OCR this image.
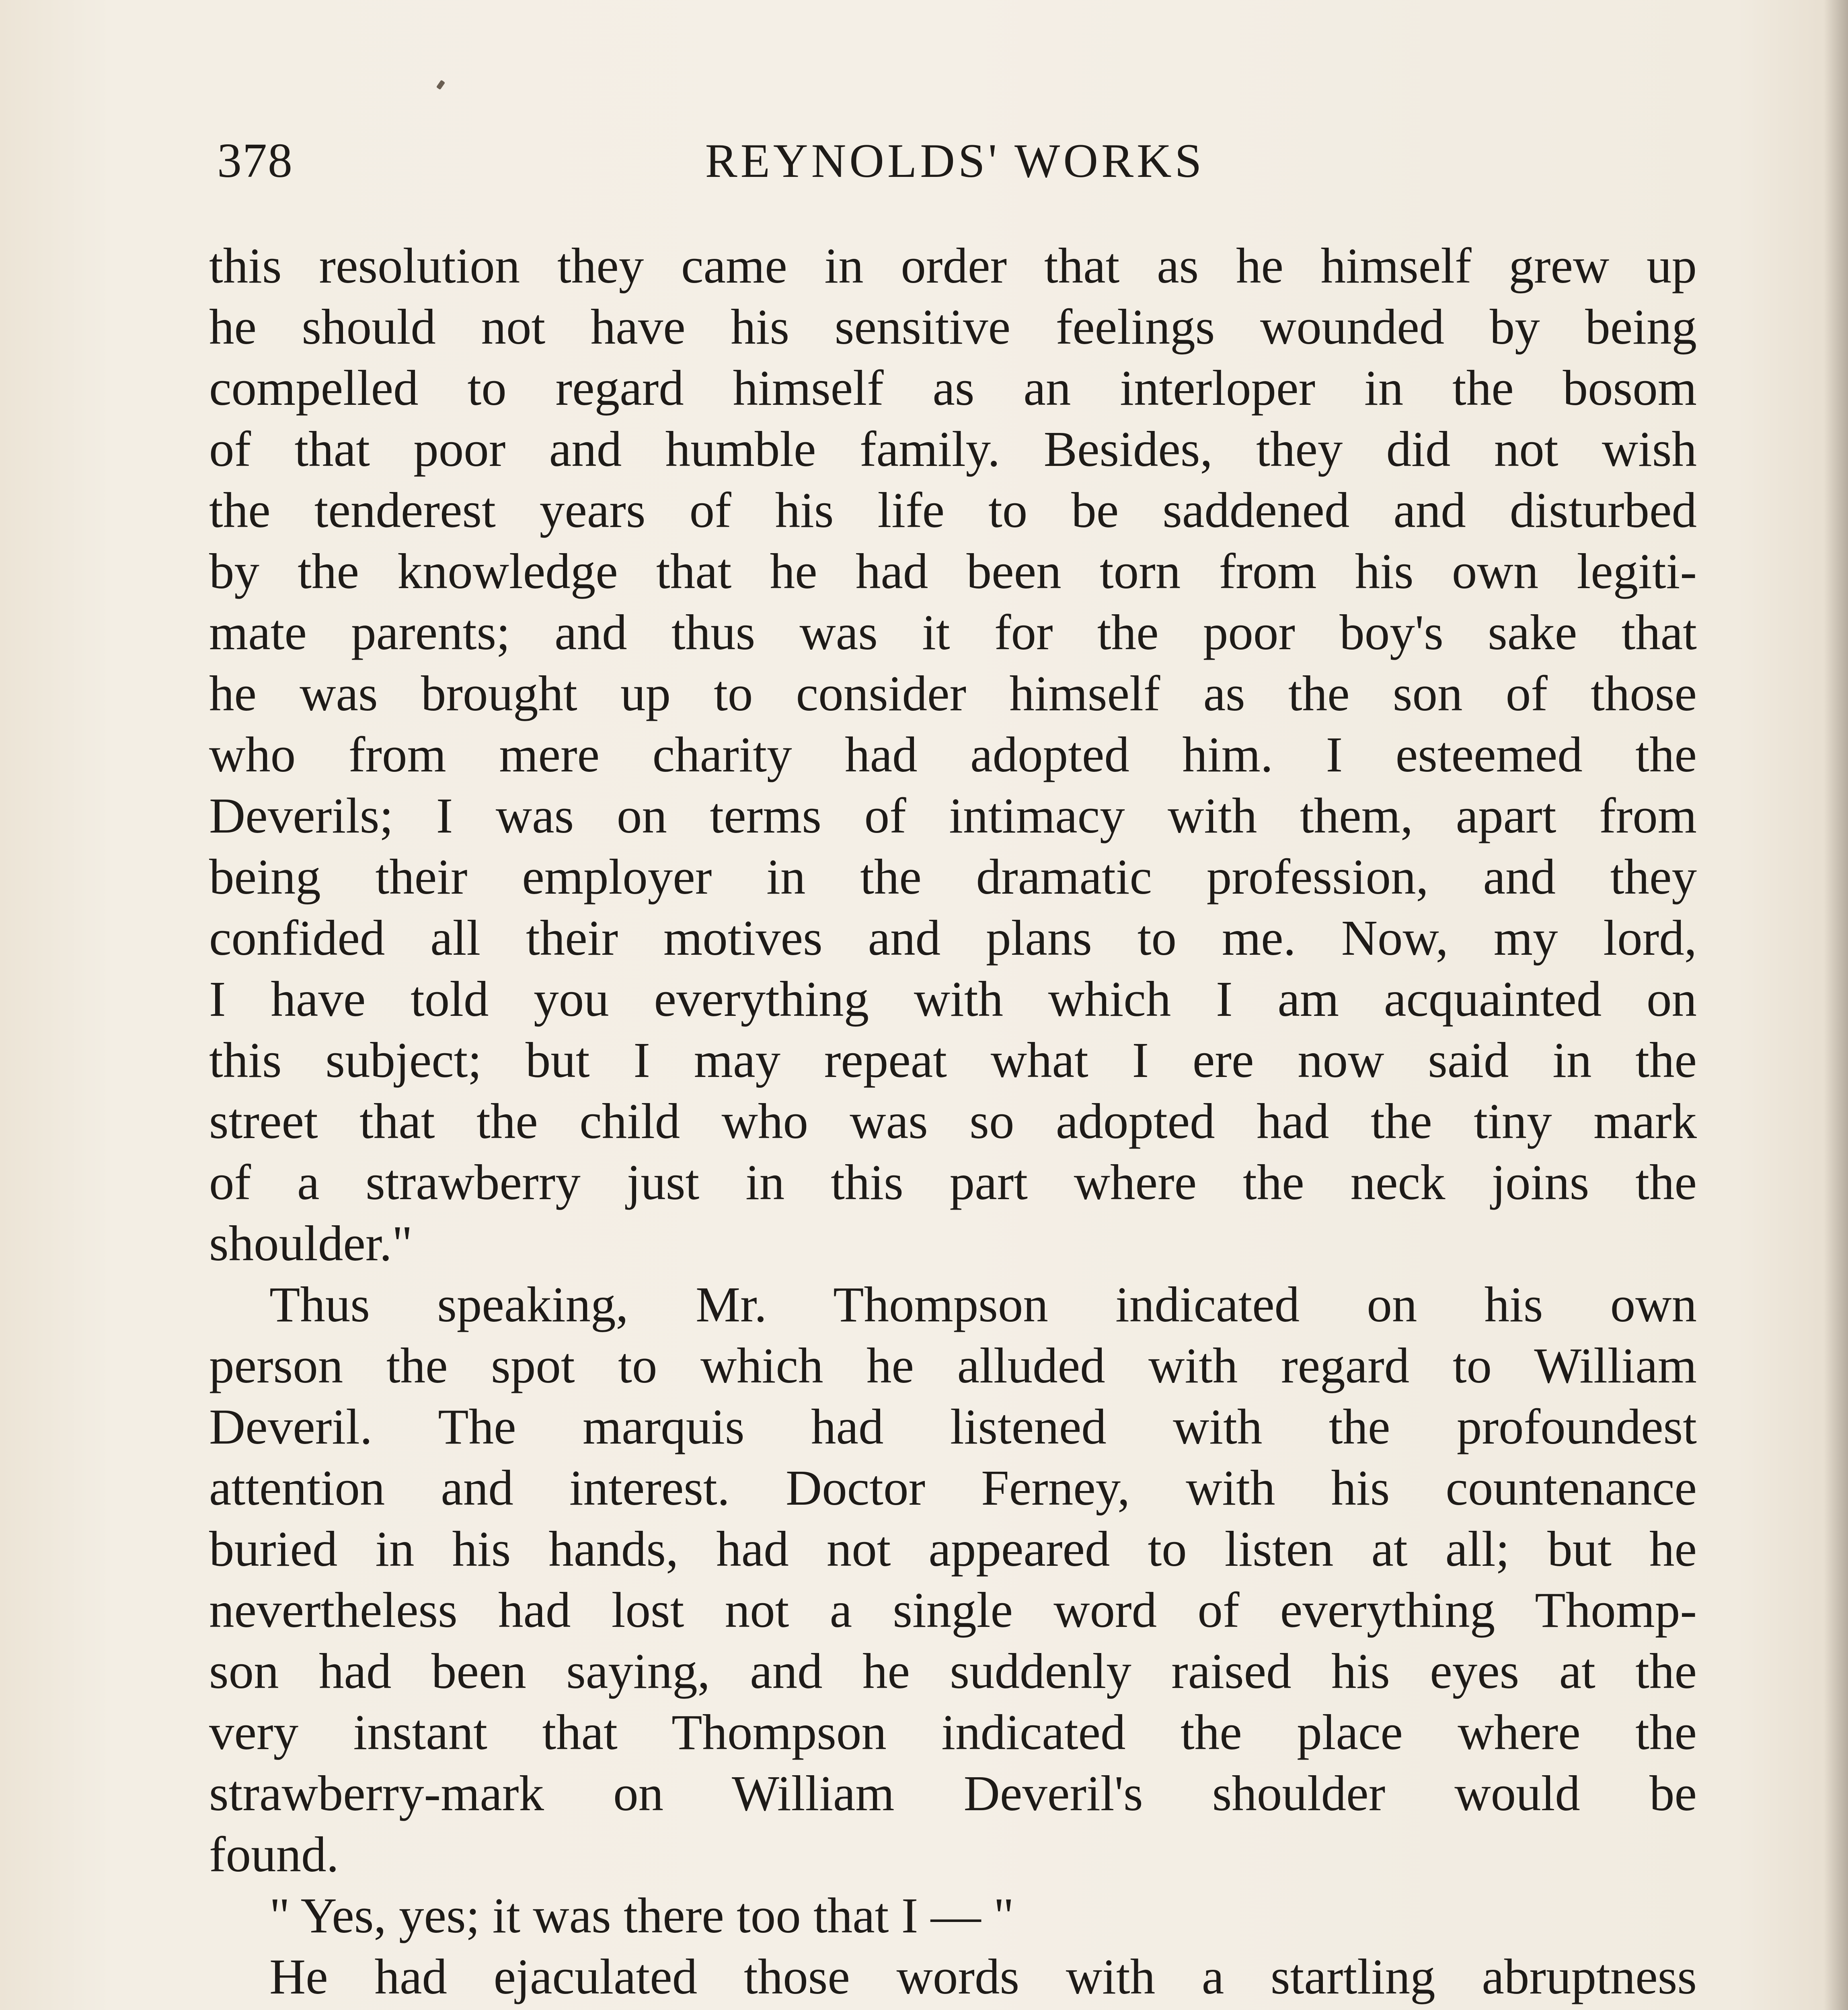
378	REYNOLDS' WORKS
this resolution they came in order that as he himself grew up
he should not have his sensitive feelings wounded by being
compelled to regard himself as an interloper in the bosom
of that poor and humble family. Besides, they did not wish
the tenderest years of his life to be saddened and disturbed
by the knowledge that he had been torn from his own legiti-
mate parents; and thus was it for the poor boy's sake that
he was brought up to consider himself as the son of those
who from mere charity had adopted him. I esteemed the
Deverils; I was on terms of intimacy with them, apart from
being their employer in the dramatic profession, and they
confided all their motives and plans to me. Now, my lord,
I have told you everything with which I am acquainted on
this subject; but I may repeat what I ere now said in the
street that the child who was so adopted had the tiny mark
of a strawberry just in this part where the neck joins the
shoulder."
Thus speaking, Mr. Thompson indicated on his own
person the spot to which he alluded with regard to William
Deveril. The marquis had listened with the profoundest
attention and interest. Doctor Ferney, with his countenance
buried in his hands, had not appeared to listen at all; but he
nevertheless had lost not a single word of everything Thomp-
son had been saying, and he suddenly raised his eyes at the
very instant that Thompson indicated the place where the
strawberry-mark on William Deveril's shoulder would be
found.
" Yes, yes; it was there too that I — "
He had ejaculated those words with a startling abruptness
